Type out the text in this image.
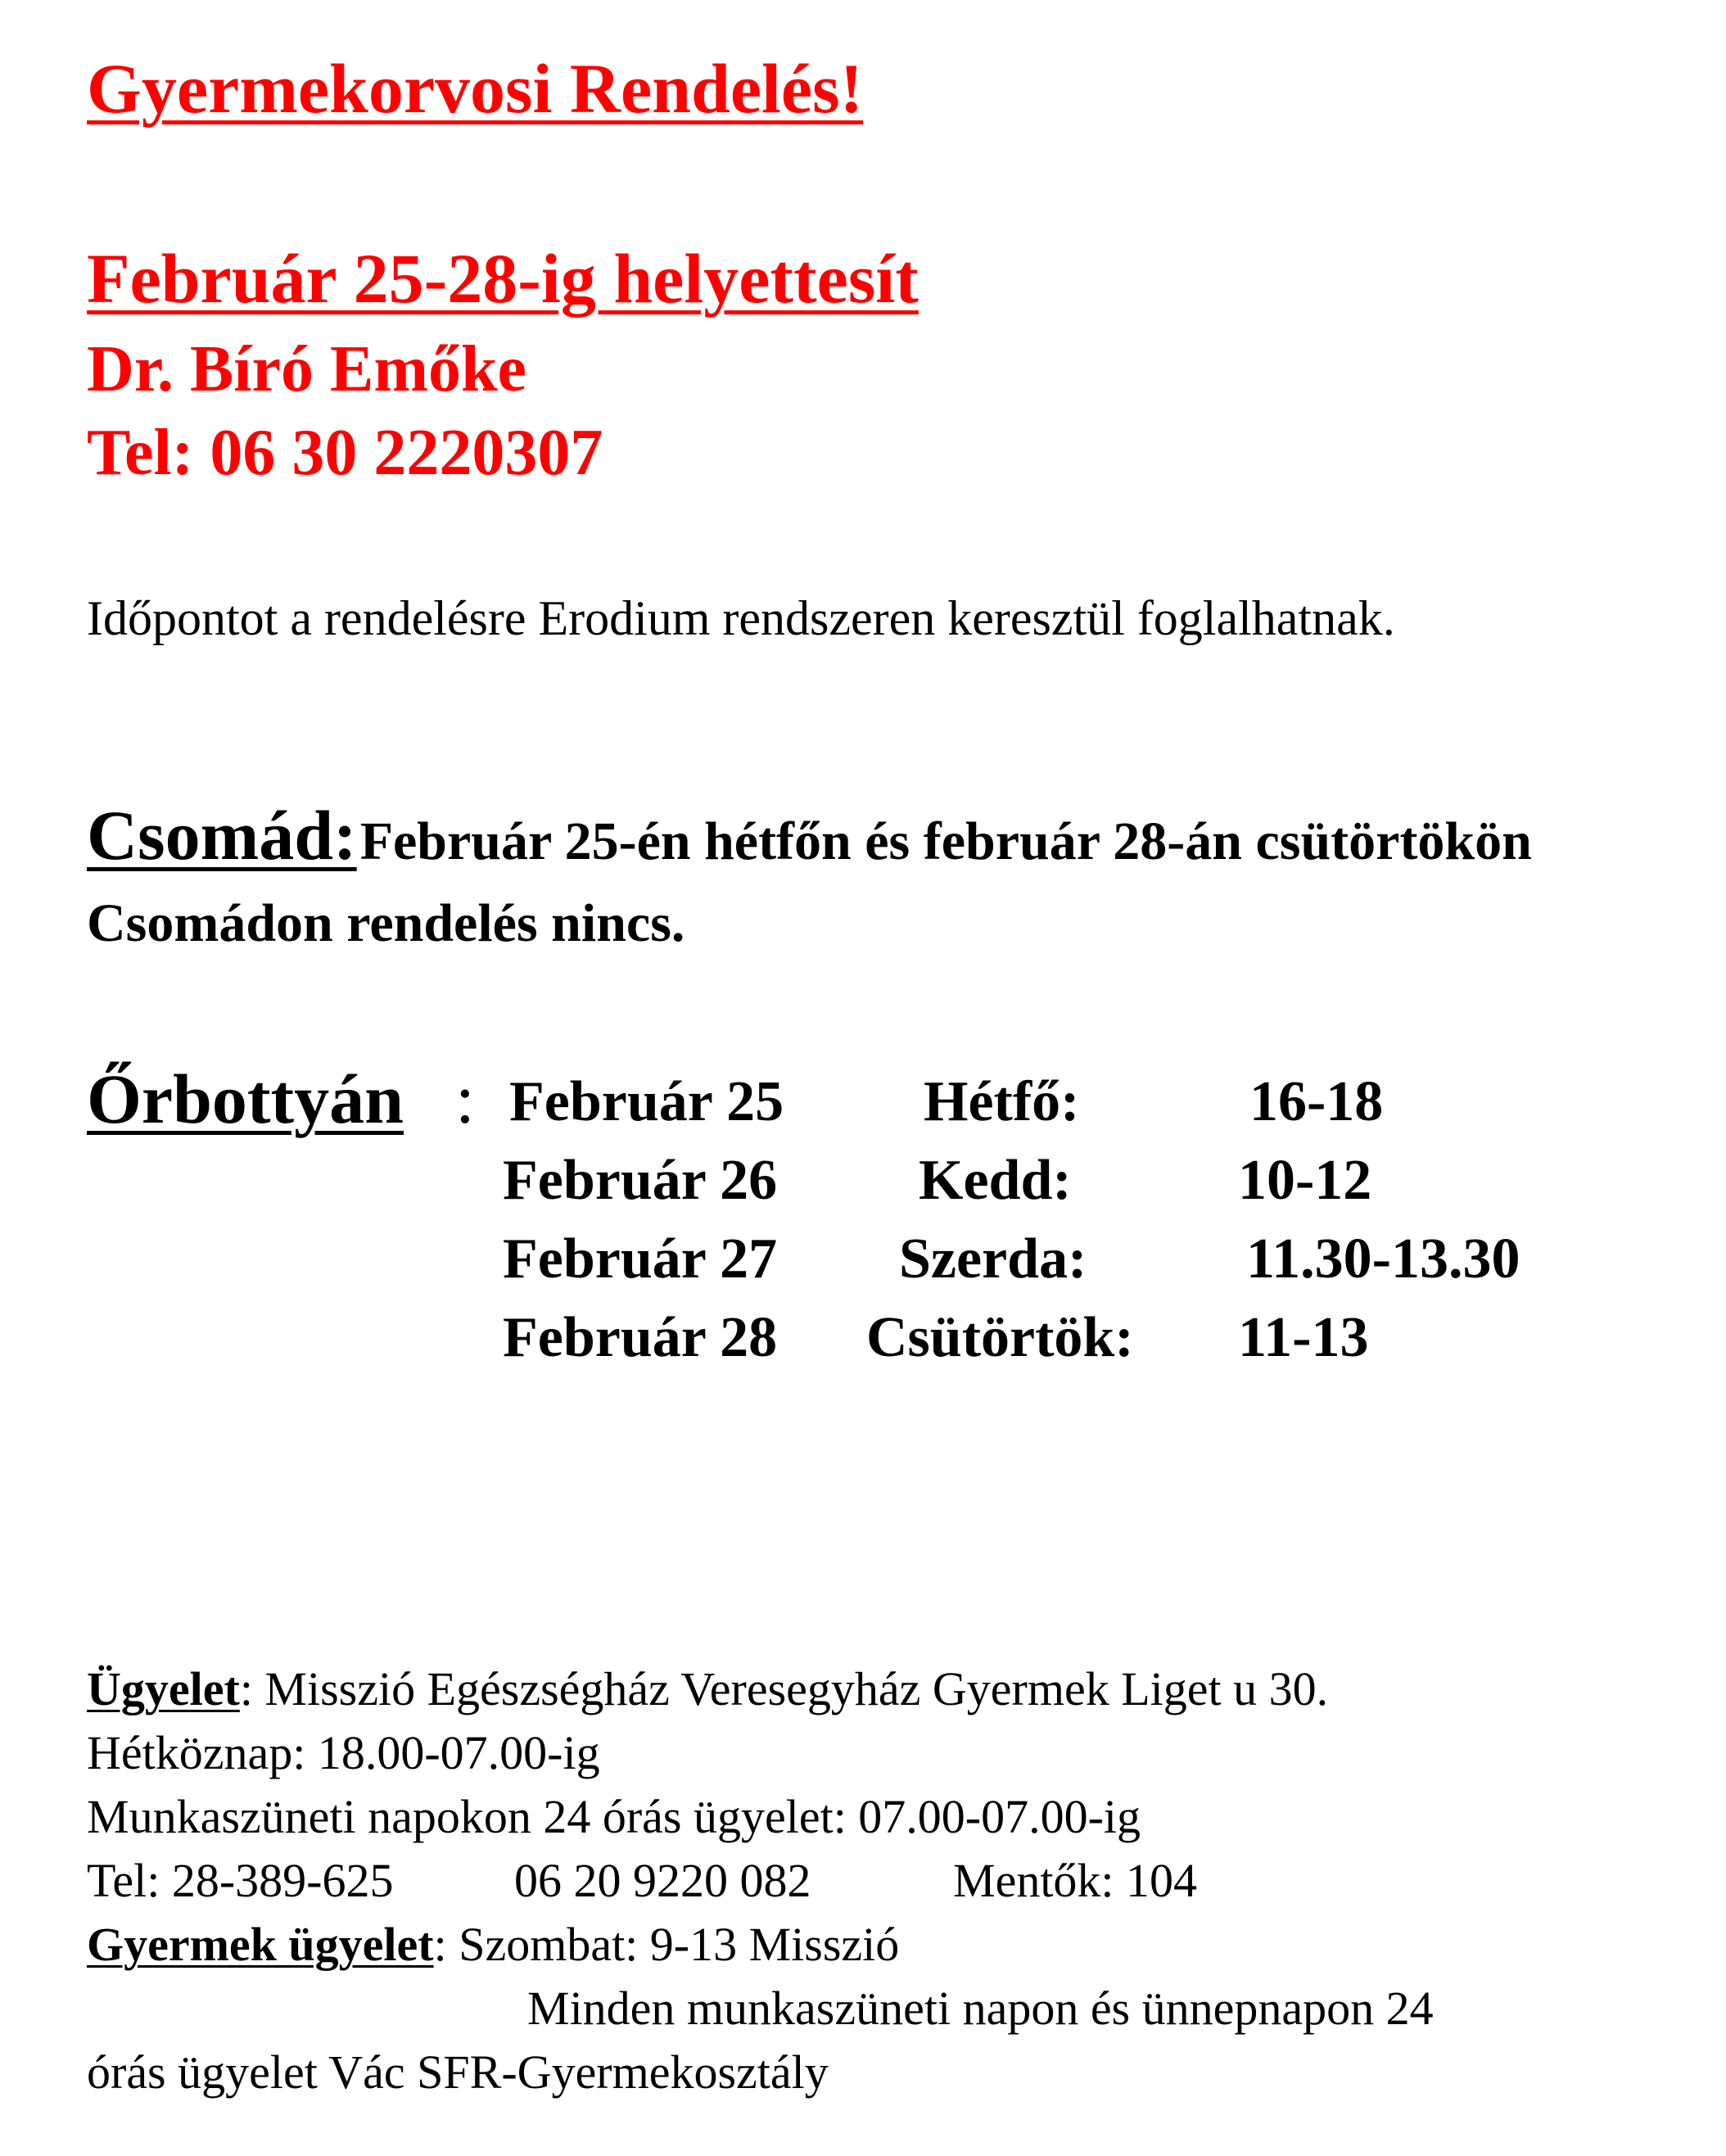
Gyermekorvosi Rendelés!
Február 25-28-ig helyettesít
Dr. Bíró Emőke
Tel: 06 30 2220307
Időpontot a rendelésre Erodium rendszeren keresztül foglalhatnak.
Csomád: Február 25-én hétfőn és február 28-án csütörtökön Csomádon rendelés nincs.
Őrbottyán : Február 25 Hétfő:	16-18
Február 26 Kedd:	10-12
Február 27 Szerda:	11.30-13.30
Február 28 Csütörtök: 11-13
Ügyelet: Misszió Egészségház Veresegyház Gyermek Liget u 30.
Hétköznap: 18.00-07.00-ig
Munkaszüneti napokon 24 órás ügyelet: 07.00-07.00-ig
Tel: 28-389-625	06 20 9220 082	Mentők: 104
Gyermek ügyelet: Szombat: 9-13 Misszió
Minden munkaszüneti napon és ünnepnapon 24
órás ügyelet Vác SFR-Gyermekosztály
